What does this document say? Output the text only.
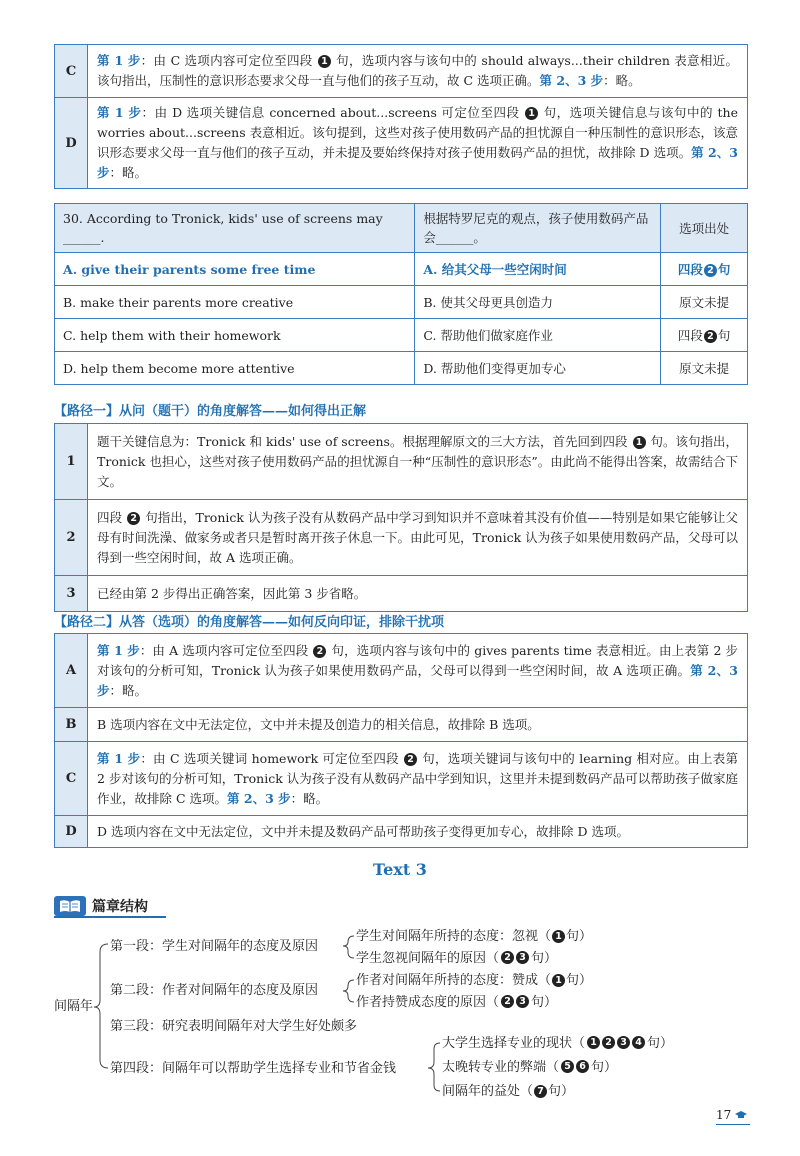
C	第 1 步：由 C 选项内容可定位至四段 1 句，选项内容与该句中的 should always...their children 表意相近。该句指出，压制性的意识形态要求父母一直与他们的孩子互动，故 C 选项正确。第 2、3 步：略。
D	第 1 步：由 D 选项关键信息 concerned about...screens 可定位至四段 1 句，选项关键信息与该句中的 the worries about...screens 表意相近。该句提到，这些对孩子使用数码产品的担忧源自一种压制性的意识形态，该意识形态要求父母一直与他们的孩子互动，并未提及要始终保持对孩子使用数码产品的担忧，故排除 D 选项。第 2、3 步：略。
30. According to Tronick, kids' use of screens may ______.	根据特罗尼克的观点，孩子使用数码产品会______。	选项出处
A. give their parents some free time	A. 给其父母一些空闲时间	四段 2 句
B. make their parents more creative	B. 使其父母更具创造力	原文未提
C. help them with their homework	C. 帮助他们做家庭作业	四段 2 句
D. help them become more attentive	D. 帮助他们变得更加专心	原文未提
【路径一】从问（题干）的角度解答——如何得出正解
1	题干关键信息为：Tronick 和 kids' use of screens。根据理解原文的三大方法，首先回到四段 1 句。该句指出，Tronick 也担心，这些对孩子使用数码产品的担忧源自一种“压制性的意识形态”。由此尚不能得出答案，故需结合下文。
2	四段 2 句指出，Tronick 认为孩子没有从数码产品中学习到知识并不意味着其没有价值——特别是如果它能够让父母有时间洗澡、做家务或者只是暂时离开孩子休息一下。由此可见，Tronick 认为孩子如果使用数码产品，父母可以得到一些空闲时间，故 A 选项正确。
3	已经由第 2 步得出正确答案，因此第 3 步省略。
【路径二】从答（选项）的角度解答——如何反向印证，排除干扰项
A	第 1 步：由 A 选项内容可定位至四段 2 句，选项内容与该句中的 gives parents time 表意相近。由上表第 2 步对该句的分析可知，Tronick 认为孩子如果使用数码产品，父母可以得到一些空闲时间，故 A 选项正确。第 2、3 步：略。
B	B 选项内容在文中无法定位，文中并未提及创造力的相关信息，故排除 B 选项。
C	第 1 步：由 C 选项关键词 homework 可定位至四段 2 句，选项关键词与该句中的 learning 相对应。由上表第 2 步对该句的分析可知，Tronick 认为孩子没有从数码产品中学到知识，这里并未提到数码产品可以帮助孩子做家庭作业，故排除 C 选项。第 2、3 步：略。
D	D 选项内容在文中无法定位，文中并未提及数码产品可帮助孩子变得更加专心，故排除 D 选项。
Text 3
篇章结构
间隔年
第一段：学生对间隔年的态度及原因
学生对间隔年所持的态度：忽视（ 1 句）
学生忽视间隔年的原因（ 2 3 句）
第二段：作者对间隔年的态度及原因
作者对间隔年所持的态度：赞成（ 1 句）
作者持赞成态度的原因（ 2 3 句）
第三段：研究表明间隔年对大学生好处颇多
第四段：间隔年可以帮助学生选择专业和节省金钱
大学生选择专业的现状（ 1 2 3 4 句）
太晚转专业的弊端（ 5 6 句）
间隔年的益处（ 7 句）
17
